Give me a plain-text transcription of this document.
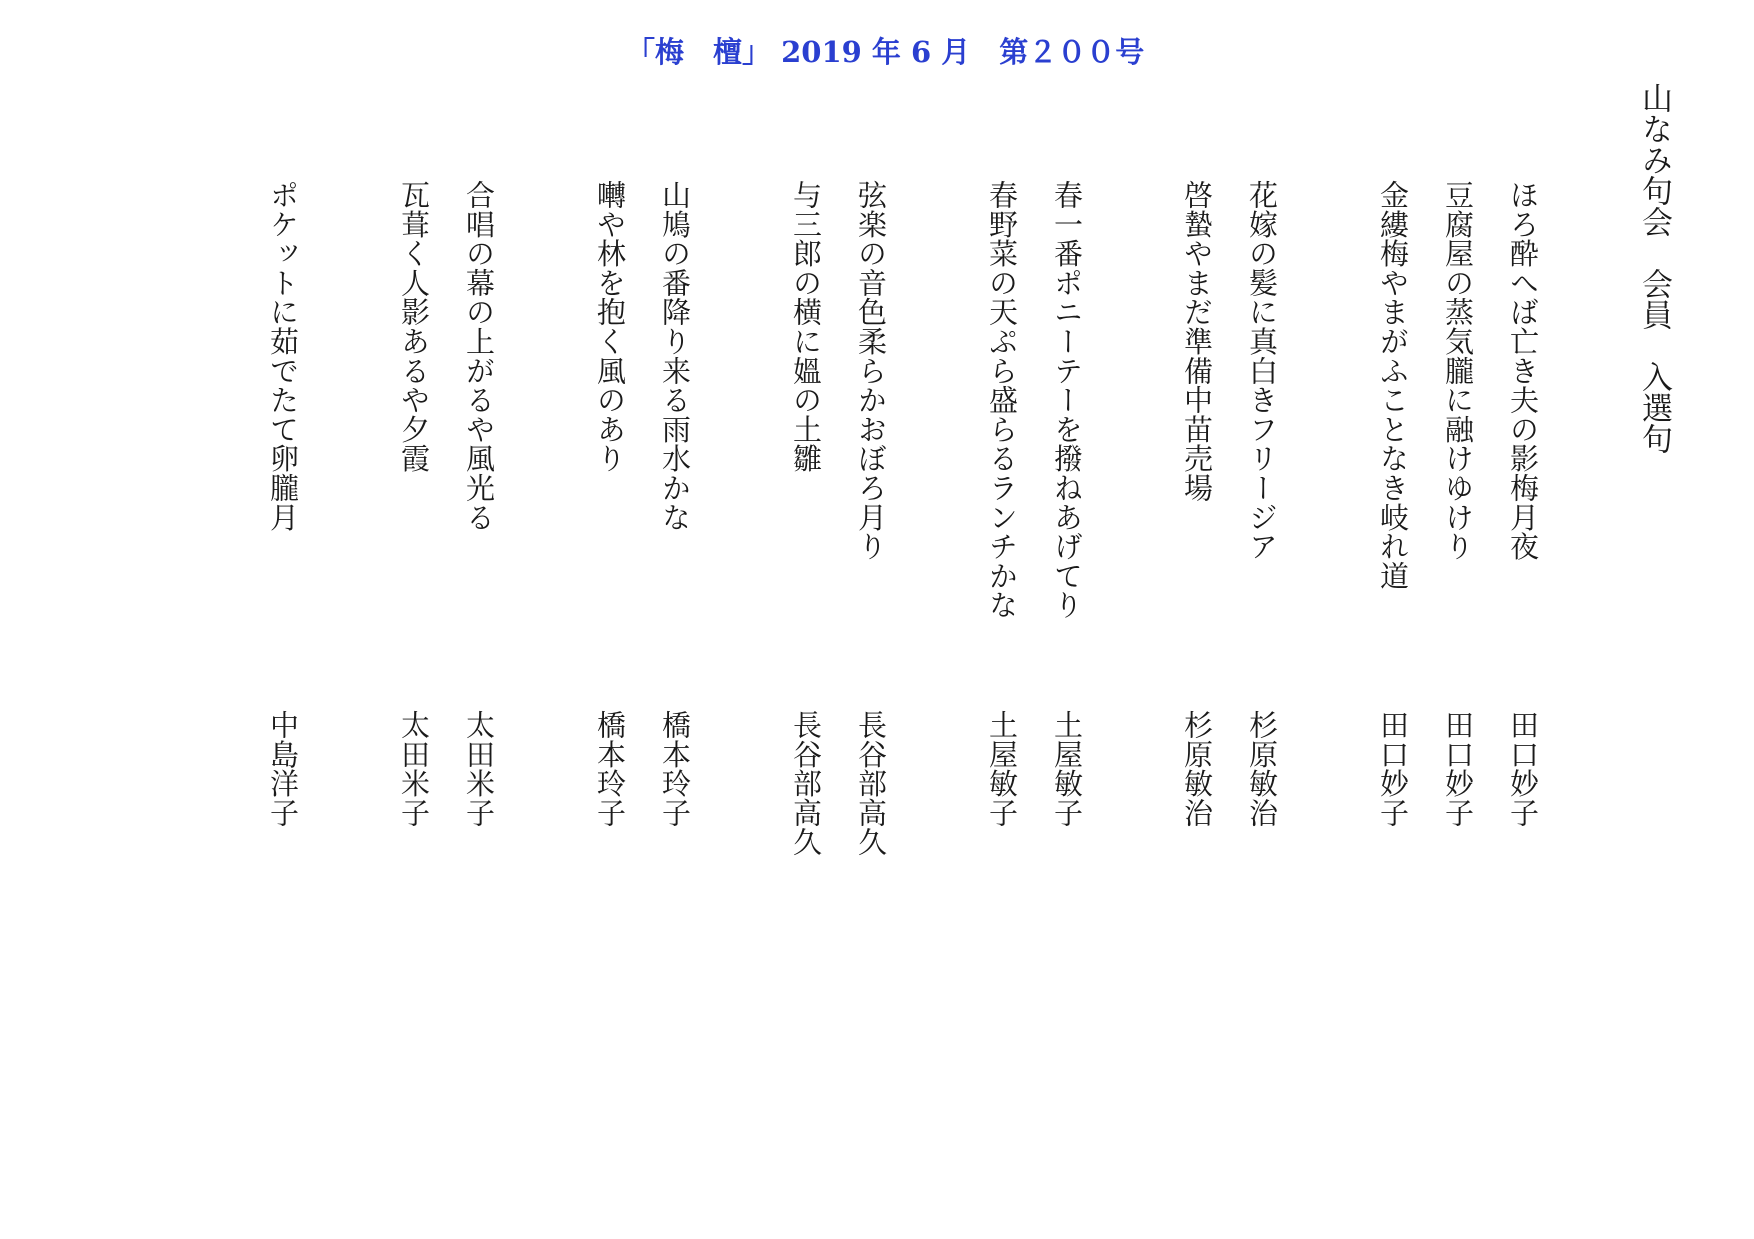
「梅　檀」 2019 年 6 月　第２００号
山なみ句会　会員　入選句
ほろ酔へば亡き夫の影梅月夜
田口妙子
豆腐屋の蒸気朧に融けゆけり
田口妙子
金縷梅やまがふことなき岐れ道
田口妙子
花嫁の髪に真白きフリージア
杉原敏治
啓蟄やまだ準備中苗売場
杉原敏治
春一番ポニーテーを撥ねあげてり
土屋敏子
春野菜の天ぷら盛らるランチかな
土屋敏子
弦楽の音色柔らかおぼろ月り
長谷部高久
与三郎の横に媼の土雛
長谷部高久
山鳩の番降り来る雨水かな
橋本玲子
囀や林を抱く風のあり
橋本玲子
合唱の幕の上がるや風光る
太田米子
瓦葺く人影あるや夕霞
太田米子
ポケットに茹でたて卵朧月
中島洋子
